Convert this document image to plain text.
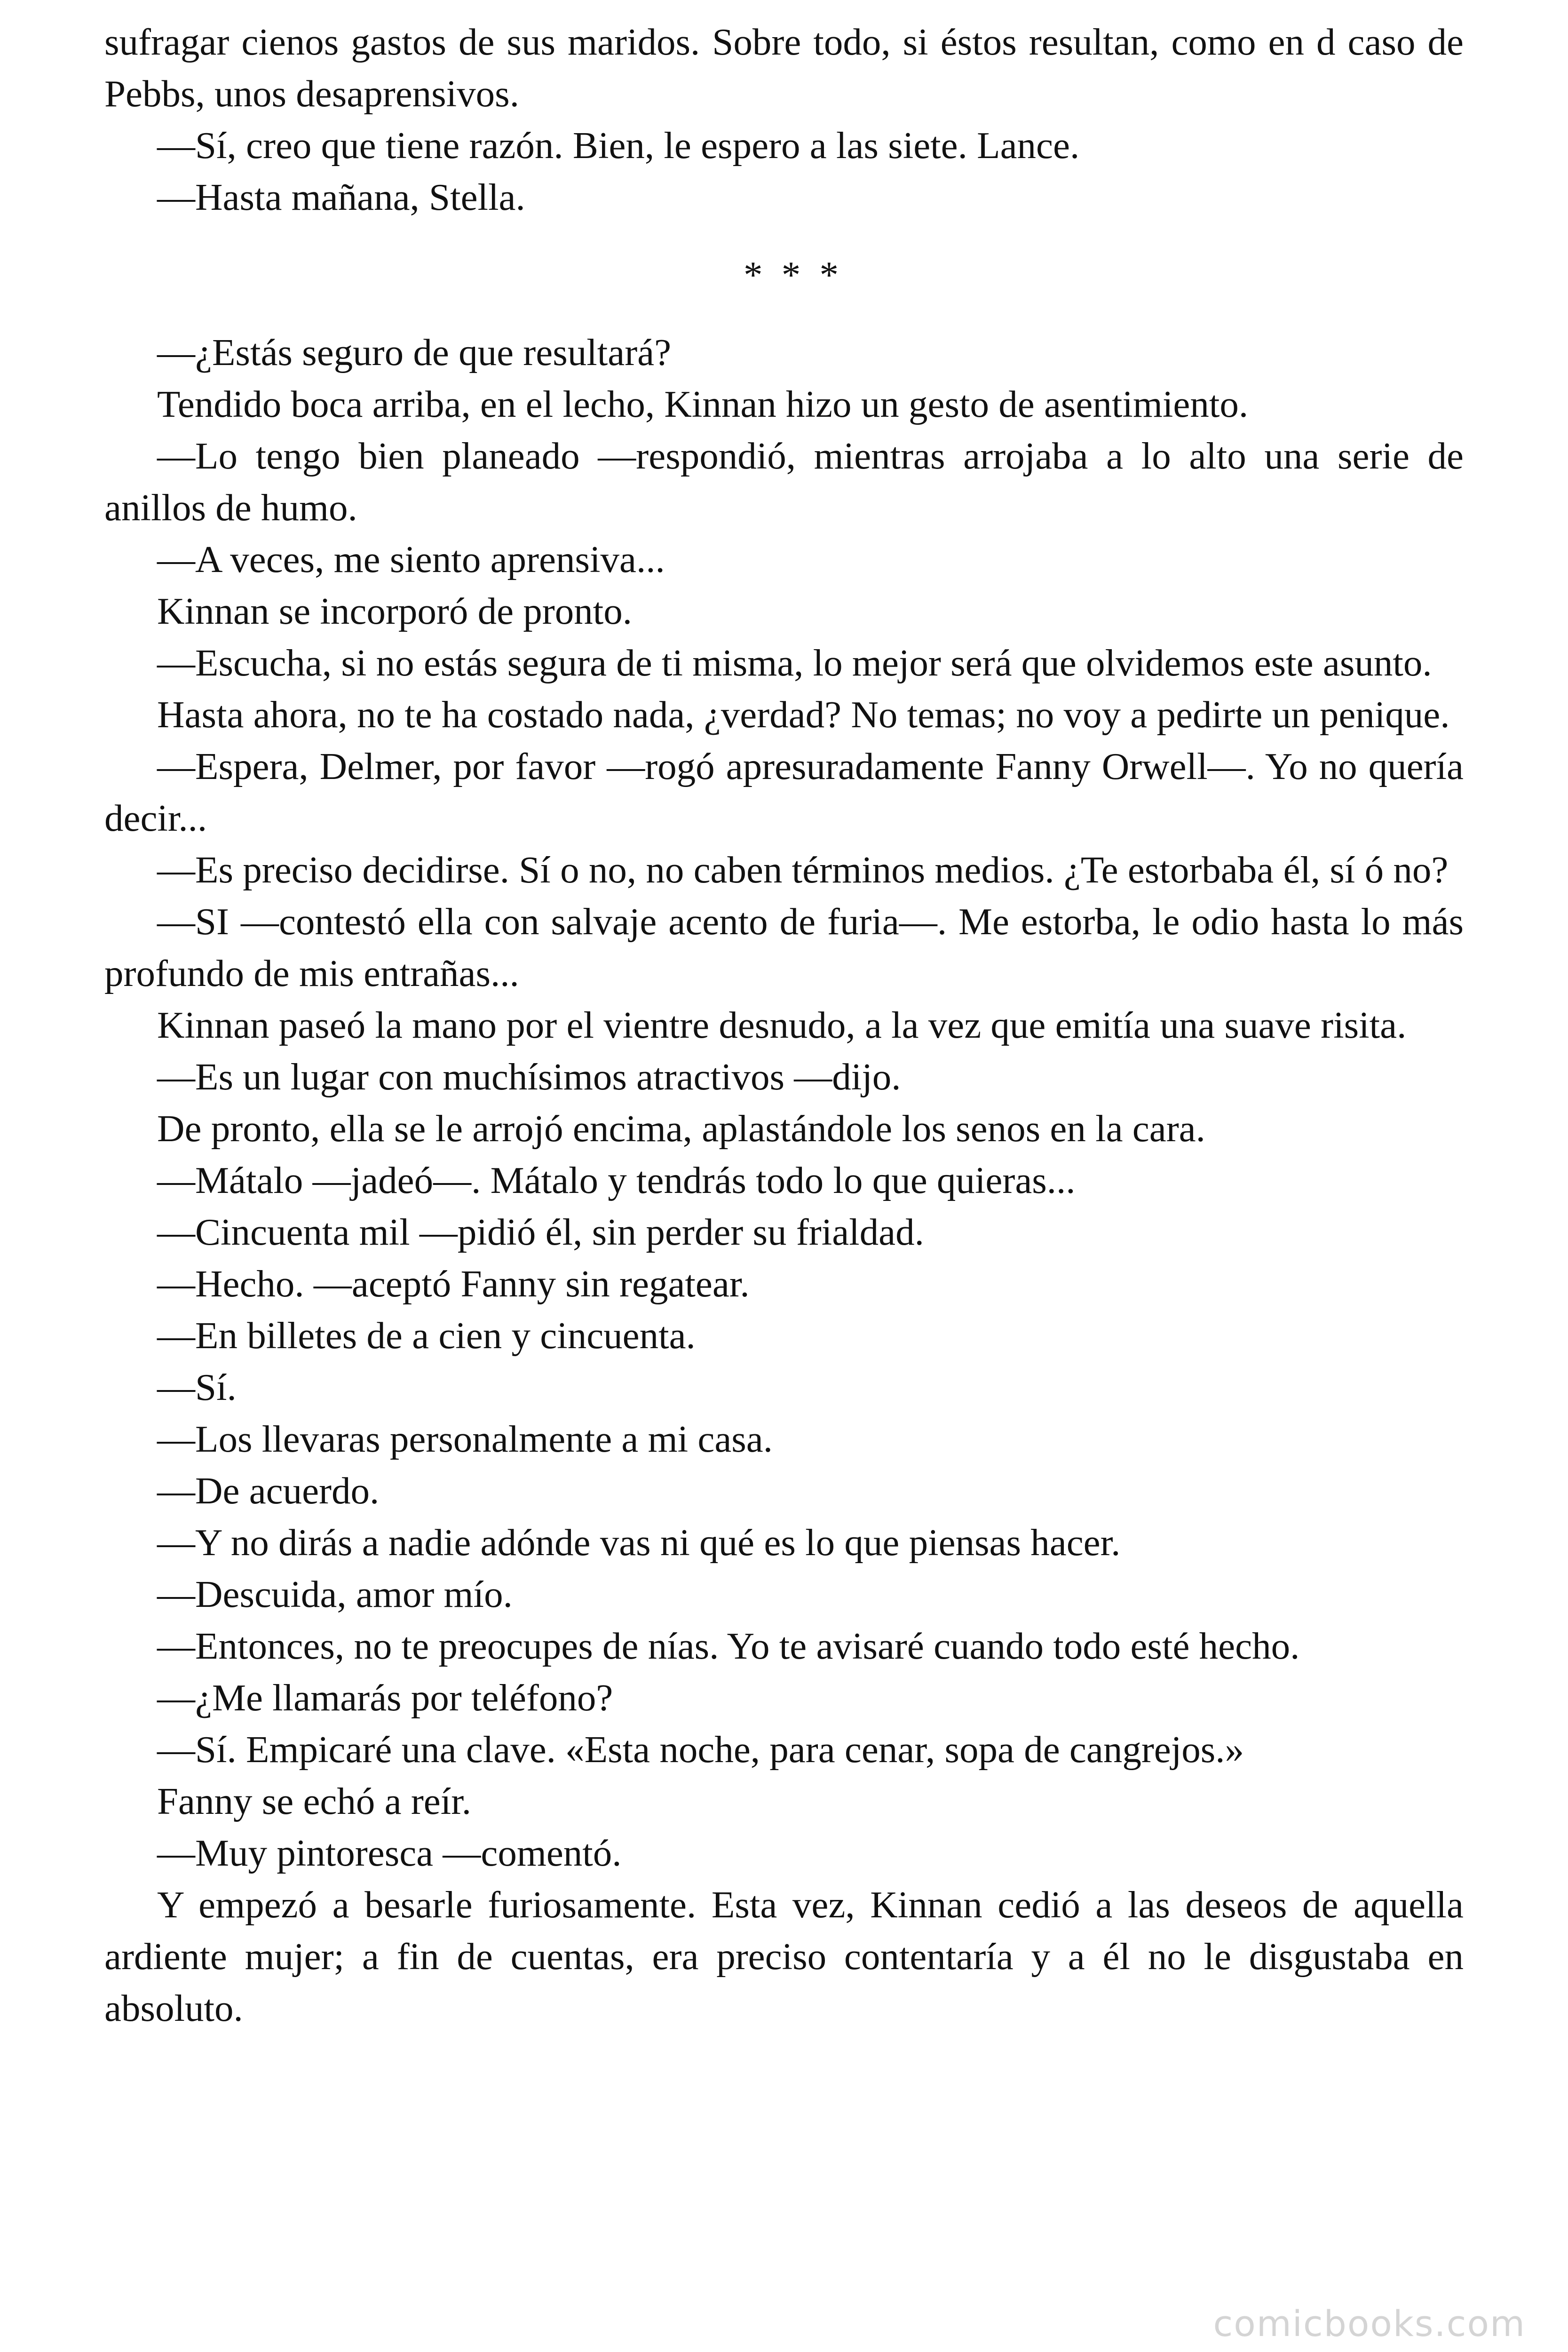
sufragar cienos gastos de sus maridos. Sobre todo, si éstos resultan, como en d caso de Pebbs, unos desaprensivos.

—Sí, creo que tiene razón. Bien, le espero a las siete. Lance.

—Hasta mañana, Stella.

* * *

—¿Estás seguro de que resultará?

Tendido boca arriba, en el lecho, Kinnan hizo un gesto de asentimiento.

—Lo tengo bien planeado —respondió, mientras arrojaba a lo alto una serie de anillos de humo.

—A veces, me siento aprensiva...

Kinnan se incorporó de pronto.

—Escucha, si no estás segura de ti misma, lo mejor será que olvidemos este asunto.

Hasta ahora, no te ha costado nada, ¿verdad? No temas; no voy a pedirte un penique.

—Espera, Delmer, por favor —rogó apresuradamente Fanny Orwell—. Yo no quería decir...

—Es preciso decidirse. Sí o no, no caben términos medios. ¿Te estorbaba él, sí ó no?

—SI —contestó ella con salvaje acento de furia—. Me estorba, le odio hasta lo más profundo de mis entrañas...

Kinnan paseó la mano por el vientre desnudo, a la vez que emitía una suave risita.

—Es un lugar con muchísimos atractivos —dijo.

De pronto, ella se le arrojó encima, aplastándole los senos en la cara.

—Mátalo —jadeó—. Mátalo y tendrás todo lo que quieras...

—Cincuenta mil —pidió él, sin perder su frialdad.

—Hecho. —aceptó Fanny sin regatear.

—En billetes de a cien y cincuenta.

—Sí.

—Los llevaras personalmente a mi casa.

—De acuerdo.

—Y no dirás a nadie adónde vas ni qué es lo que piensas hacer.

—Descuida, amor mío.

—Entonces, no te preocupes de nías. Yo te avisaré cuando todo esté hecho.

—¿Me llamarás por teléfono?

—Sí. Empicaré una clave. «Esta noche, para cenar, sopa de cangrejos.»

Fanny se echó a reír.

—Muy pintoresca —comentó.

Y empezó a besarle furiosamente. Esta vez, Kinnan cedió a las deseos de aquella ardiente mujer; a fin de cuentas, era preciso contentaría y a él no le disgustaba en absoluto.

comicbooks.com
